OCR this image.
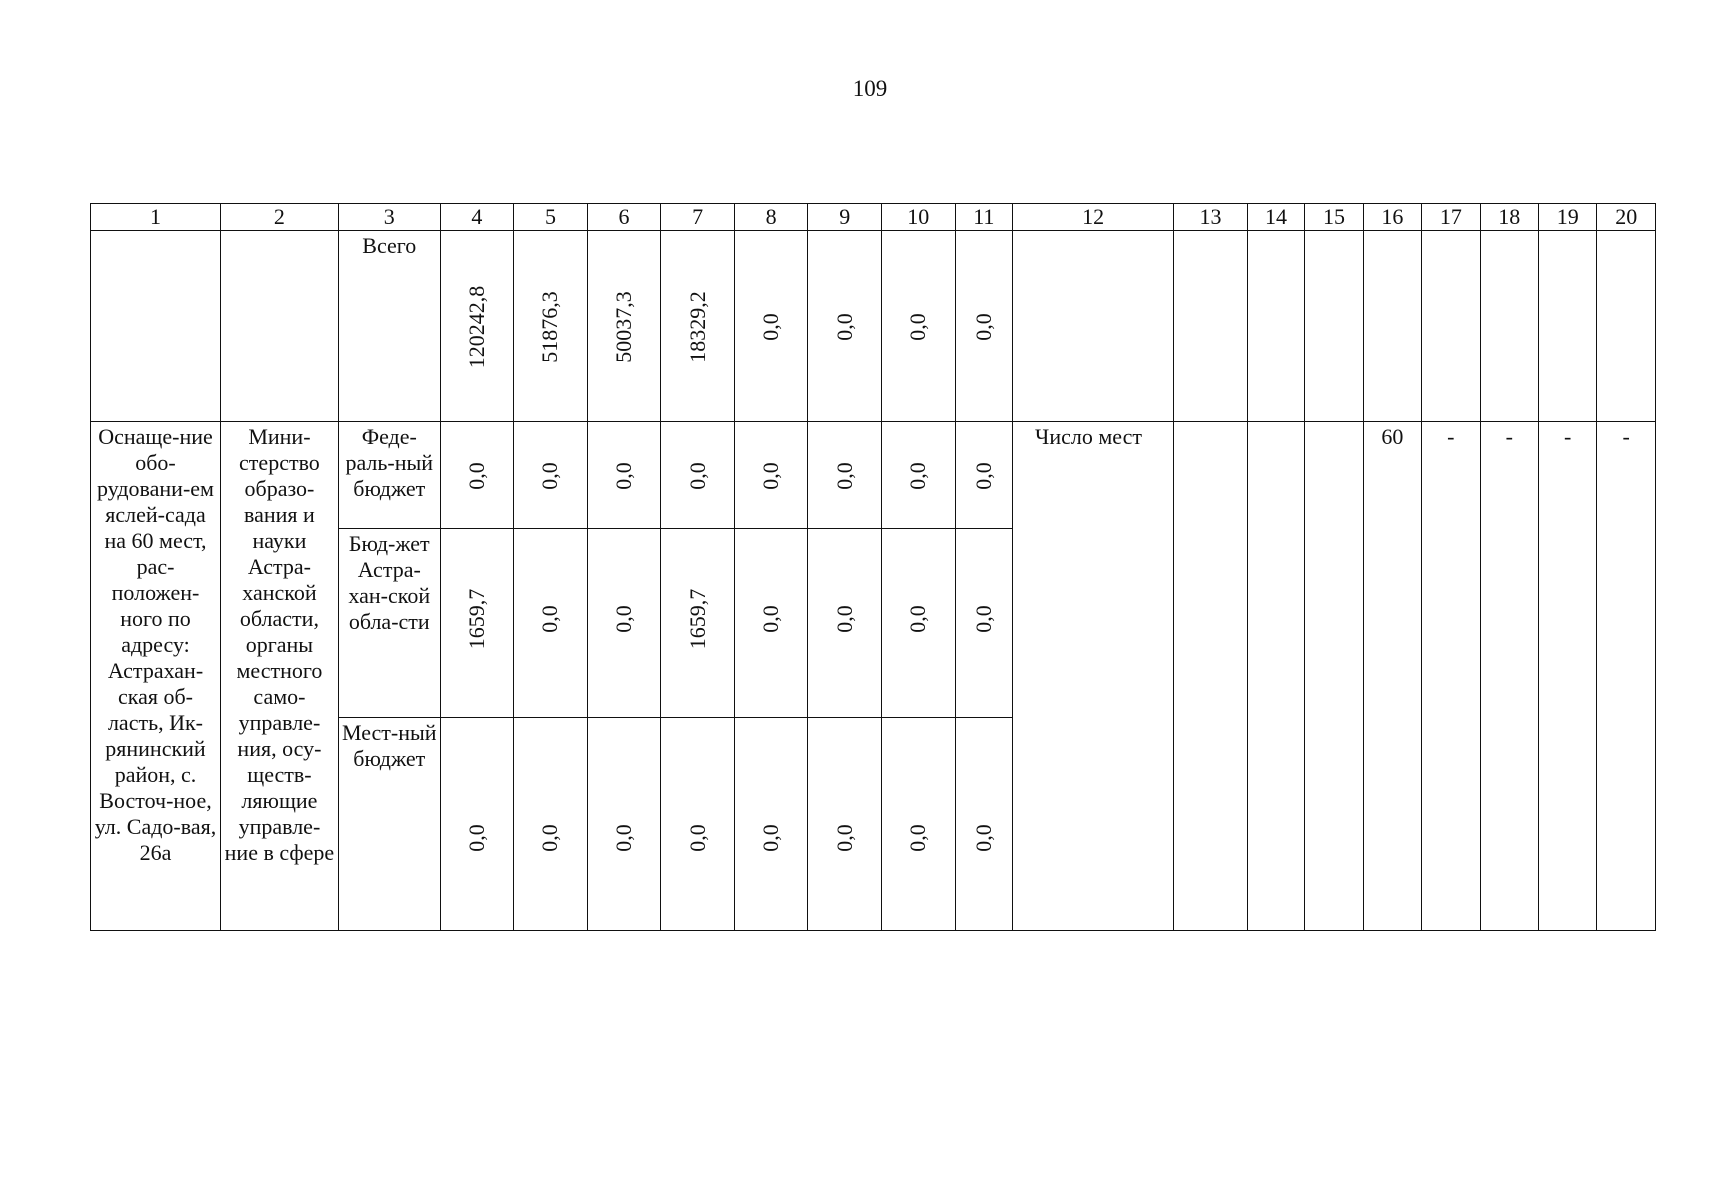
109
1	2	3	4	5	6	7	8	9	10	11	12	13	14	15	16	17	18	19	20

		Всего	120242,8	51876,3	50037,3	18329,2	0,0	0,0	0,0	0,0									

Оснаще-ние обо-рудовани-ем яслей-сада на 60 мест, рас-положен-ного по адресу: Астрахан-ская об-ласть, Ик-рянинский район, с. Восточ-ное, ул. Садо-вая, 26а	Мини-стерство образо-вания и науки Астра-ханской области, органы местного само-управле-ния, осу-ществ-ляющие управле-ние в сфере	Феде-раль-ный бюджет	0,0	0,0	0,0	0,0	0,0	0,0	0,0	0,0	Число мест				60	-	-	-	-

		Бюд-жет Астра-хан-ской обла-сти	1659,7	0,0	0,0	1659,7	0,0	0,0	0,0	0,0									

		Мест-ный бюджет	0,0	0,0	0,0	0,0	0,0	0,0	0,0	0,0									
